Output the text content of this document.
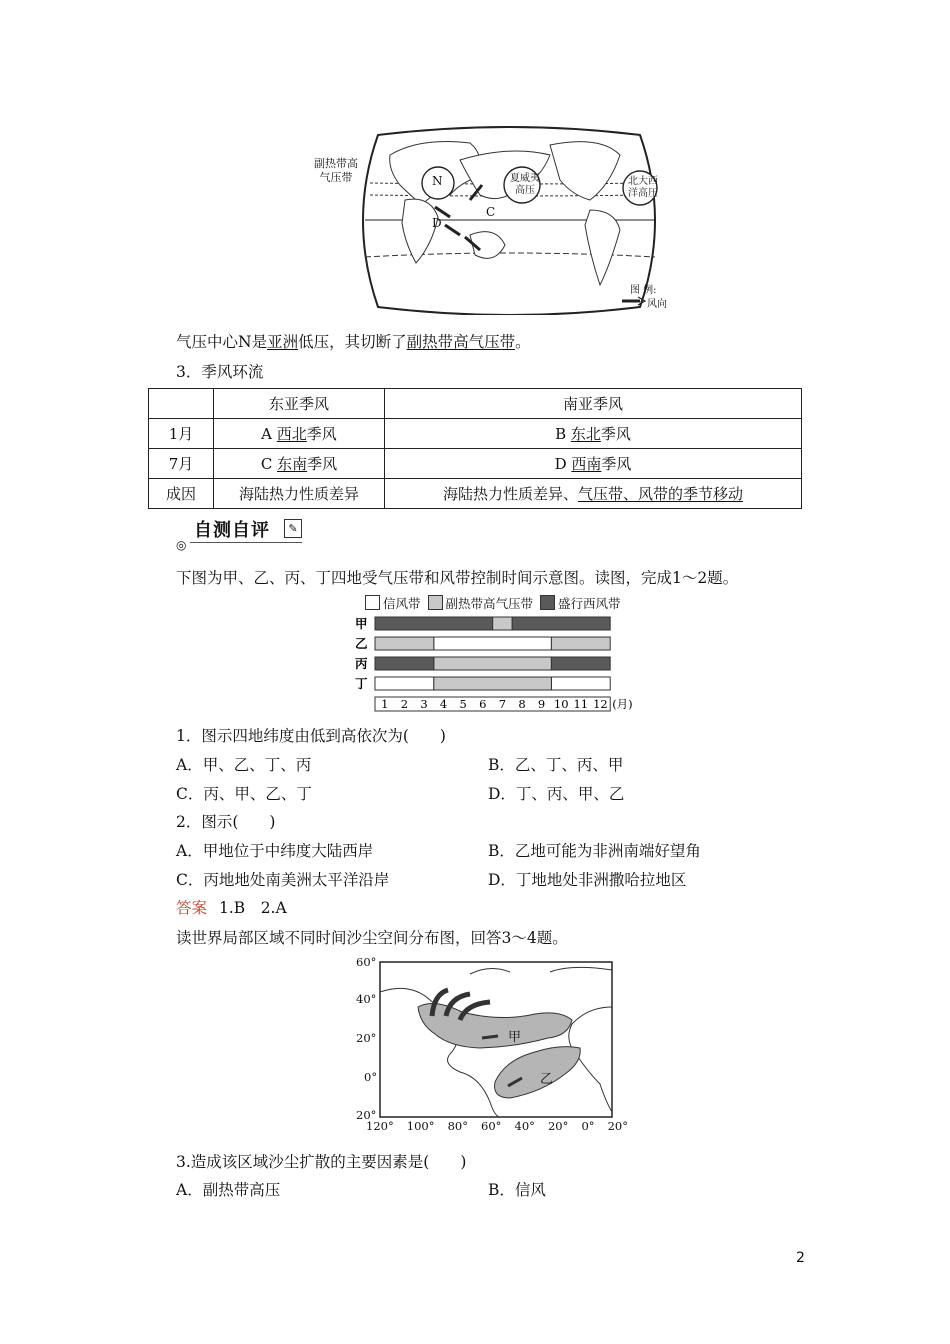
副热带高
气压带	N
C
D
夏威夷
高压
北大西
洋高压
图 例:
风向
气压中心N是亚洲低压，其切断了副热带高气压带。
3．季风环流
	东亚季风	南亚季风
1月	A 西北季风	B 东北季风
7月	C 东南季风	D 西南季风
成因	海陆热力性质差异	海陆热力性质差异、气压带、风带的季节移动
自测自评	✎
◎
下图为甲、乙、丙、丁四地受气压带和风带控制时间示意图。读图，完成1～2题。
信风带 副热带高气压带 盛行西风带
甲
乙
丙
丁
1 2 3 4 5 6 7 8 9 10 11 12 (月)
1．图示四地纬度由低到高依次为(　　)
A．甲、乙、丁、丙	B．乙、丁、丙、甲
C．丙、甲、乙、丁	D．丁、丙、甲、乙
2．图示(　　)
A．甲地位于中纬度大陆西岸	B．乙地可能为非洲南端好望角
C．丙地地处南美洲太平洋沿岸	D．丁地地处非洲撒哈拉地区
答案 1.B　2.A
读世界局部区域不同时间沙尘空间分布图，回答3～4题。
60°
40°
20°
0°
20°
甲
乙
120° 100° 80° 60° 40° 20° 0° 20°
3.造成该区域沙尘扩散的主要因素是(　　)
A．副热带高压	B．信风
2
